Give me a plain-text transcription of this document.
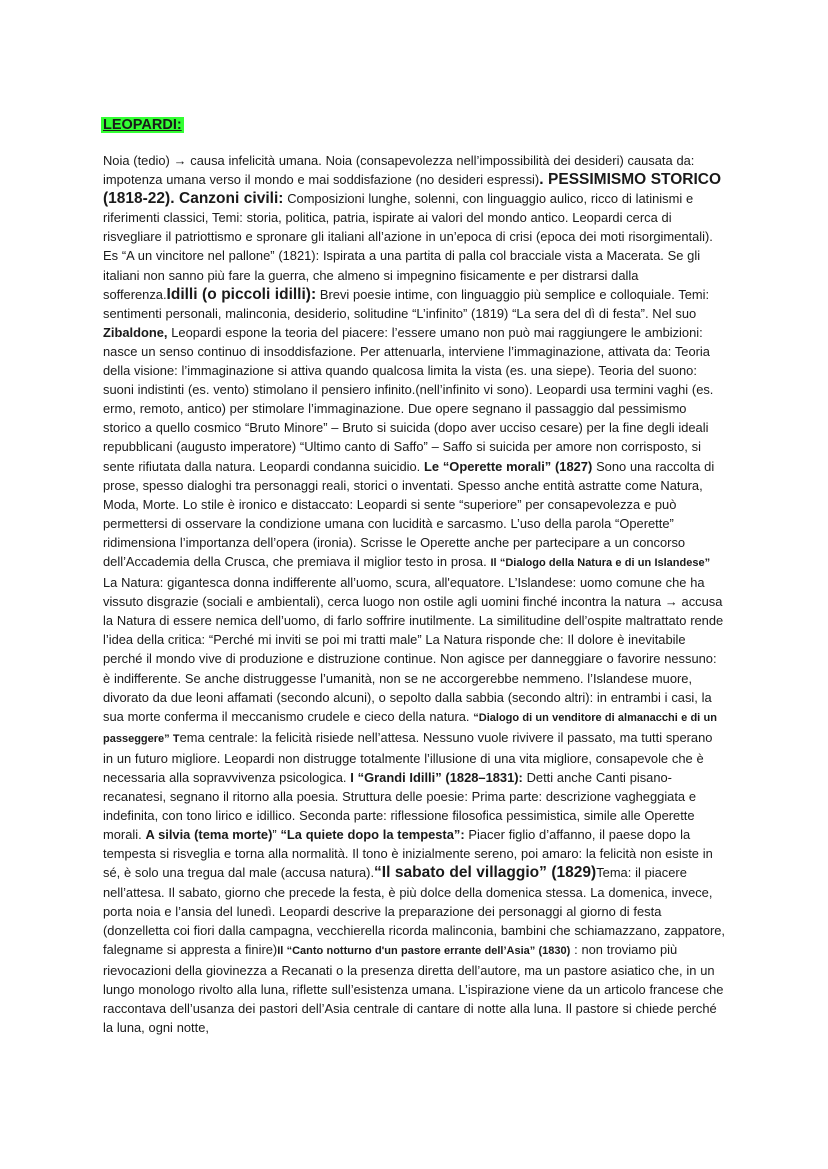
LEOPARDI:
Noia (tedio) → causa infelicità umana. Noia (consapevolezza nell’impossibilità dei desideri) causata da: impotenza umana verso il mondo e mai soddisfazione (no desideri espressi). PESSIMISMO STORICO (1818-22). Canzoni civili: Composizioni lunghe, solenni, con linguaggio aulico, ricco di latinismi e riferimenti classici, Temi: storia, politica, patria, ispirate ai valori del mondo antico. Leopardi cerca di risvegliare il patriottismo e spronare gli italiani all’azione in un’epoca di crisi (epoca dei moti risorgimentali). Es “A un vincitore nel pallone” (1821): Ispirata a una partita di palla col bracciale vista a Macerata. Se gli italiani non sanno più fare la guerra, che almeno si impegnino fisicamente e per distrarsi dalla sofferenza.Idilli (o piccoli idilli): Brevi poesie intime, con linguaggio più semplice e colloquiale. Temi: sentimenti personali, malinconia, desiderio, solitudine “L’infinito” (1819) “La sera del dì di festa”. Nel suo Zibaldone, Leopardi espone la teoria del piacere: l’essere umano non può mai raggiungere le ambizioni: nasce un senso continuo di insoddisfazione. Per attenuarla, interviene l’immaginazione, attivata da: Teoria della visione: l’immaginazione si attiva quando qualcosa limita la vista (es. una siepe). Teoria del suono: suoni indistinti (es. vento) stimolano il pensiero infinito.(nell’infinito vi sono). Leopardi usa termini vaghi (es. ermo, remoto, antico) per stimolare l’immaginazione. Due opere segnano il passaggio dal pessimismo storico a quello cosmico “Bruto Minore” – Bruto si suicida (dopo aver ucciso cesare) per la fine degli ideali repubblicani (augusto imperatore) “Ultimo canto di Saffo” – Saffo si suicida per amore non corrisposto, si sente rifiutata dalla natura. Leopardi condanna suicidio. Le “Operette morali” (1827) Sono una raccolta di prose, spesso dialoghi tra personaggi reali, storici o inventati. Spesso anche entità astratte come Natura, Moda, Morte. Lo stile è ironico e distaccato: Leopardi si sente “superiore” per consapevolezza e può permettersi di osservare la condizione umana con lucidità e sarcasmo. L’uso della parola “Operette” ridimensiona l’importanza dell’opera (ironia). Scrisse le Operette anche per partecipare a un concorso dell’Accademia della Crusca, che premiava il miglior testo in prosa. Il “Dialogo della Natura e di un Islandese” La Natura: gigantesca donna indifferente all’uomo, scura, all'equatore. L’Islandese: uomo comune che ha vissuto disgrazie (sociali e ambientali), cerca luogo non ostile agli uomini finché incontra la natura → accusa la Natura di essere nemica dell’uomo, di farlo soffrire inutilmente. La similitudine dell’ospite maltrattato rende l’idea della critica: “Perché mi inviti se poi mi tratti male” La Natura risponde che: Il dolore è inevitabile perché il mondo vive di produzione e distruzione continue. Non agisce per danneggiare o favorire nessuno: è indifferente. Se anche distruggesse l’umanità, non se ne accorgerebbe nemmeno. l’Islandese muore, divorato da due leoni affamati (secondo alcuni), o sepolto dalla sabbia (secondo altri): in entrambi i casi, la sua morte conferma il meccanismo crudele e cieco della natura. “Dialogo di un venditore di almanacchi e di un passeggere” Tema centrale: la felicità risiede nell’attesa. Nessuno vuole rivivere il passato, ma tutti sperano in un futuro migliore. Leopardi non distrugge totalmente l’illusione di una vita migliore, consapevole che è necessaria alla sopravvivenza psicologica. I “Grandi Idilli” (1828–1831): Detti anche Canti pisano-recanatesi, segnano il ritorno alla poesia. Struttura delle poesie: Prima parte: descrizione vagheggiata e indefinita, con tono lirico e idillico. Seconda parte: riflessione filosofica pessimistica, simile alle Operette morali. A silvia (tema morte)” “La quiete dopo la tempesta”: Piacer figlio d’affanno, il paese dopo la tempesta si risveglia e torna alla normalità. Il tono è inizialmente sereno, poi amaro: la felicità non esiste in sé, è solo una tregua dal male (accusa natura).“Il sabato del villaggio” (1829)Tema: il piacere nell’attesa. Il sabato, giorno che precede la festa, è più dolce della domenica stessa. La domenica, invece, porta noia e l’ansia del lunedì. Leopardi descrive la preparazione dei personaggi al giorno di festa (donzelletta coi fiori dalla campagna, vecchierella ricorda malinconia, bambini che schiamazzano, zappatore, falegname si appresta a finire)Il “Canto notturno d'un pastore errante dell’Asia” (1830) : non troviamo più rievocazioni della giovinezza a Recanati o la presenza diretta dell’autore, ma un pastore asiatico che, in un lungo monologo rivolto alla luna, riflette sull’esistenza umana. L’ispirazione viene da un articolo francese che raccontava dell’usanza dei pastori dell’Asia centrale di cantare di notte alla luna. Il pastore si chiede perché la luna, ogni notte,
